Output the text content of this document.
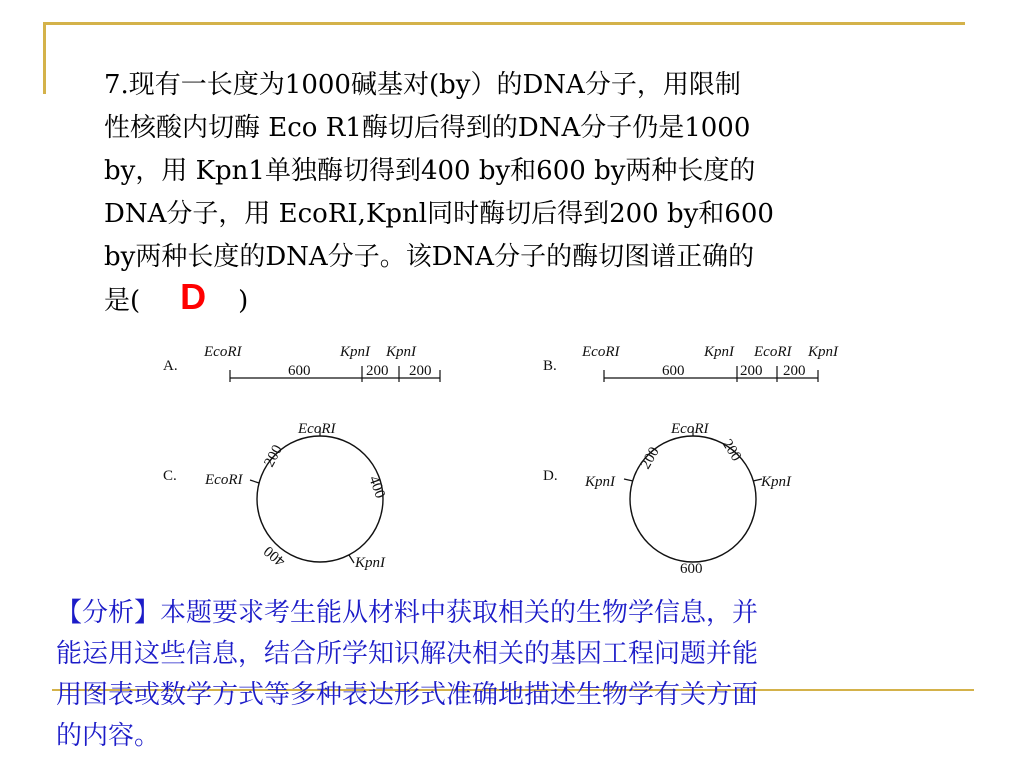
7.现有一长度为1000碱基对(by）的DNA分子，用限制
性核酸内切酶 Eco R1酶切后得到的DNA分子仍是1000
by，用 Kpn1单独酶切得到400 by和600 by两种长度的
DNA分子，用 EcoRI,Kpnl同时酶切后得到200 by和600
by两种长度的DNA分子。该DNA分子的酶切图谱正确的
是( D )
A.
EcoRI	KpnI KpnI
600	200 200	B.
EcoRI	KpnI EcoRI KpnI
600	200 200
C.
EcoRI
EcoRI
KpnI
200
400
400
D.
EcoRI
KpnI	KpnI
200	200
600
【分析】本题要求考生能从材料中获取相关的生物学信息，并
能运用这些信息，结合所学知识解决相关的基因工程问题并能
用图表或数学方式等多种表达形式准确地描述生物学有关方面
的内容。
